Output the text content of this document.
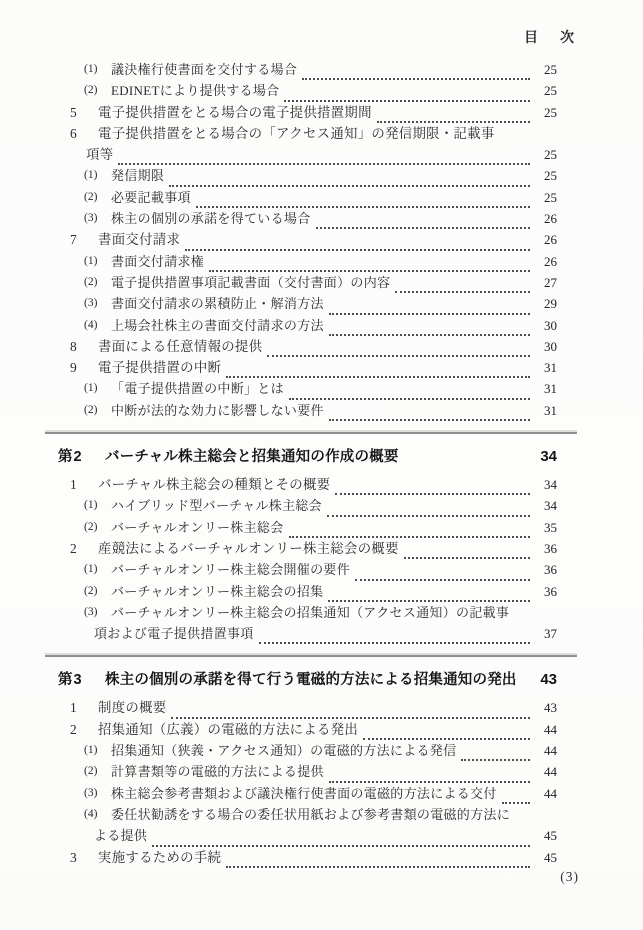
目　次
(1)	議決権行使書面を交付する場合	25
(2)	EDINETにより提供する場合	25
5	電子提供措置をとる場合の電子提供措置期間	25
6	電子提供措置をとる場合の「アクセス通知」の発信期限・記載事
項等	25
(1)	発信期限	25
(2)	必要記載事項	25
(3)	株主の個別の承諾を得ている場合	26
7	書面交付請求	26
(1)	書面交付請求権	26
(2)	電子提供措置事項記載書面（交付書面）の内容	27
(3)	書面交付請求の累積防止・解消方法	29
(4)	上場会社株主の書面交付請求の方法	30
8	書面による任意情報の提供	30
9	電子提供措置の中断	31
(1)	「電子提供措置の中断」とは	31
(2)	中断が法的な効力に影響しない要件	31
第2	バーチャル株主総会と招集通知の作成の概要	34
1	バーチャル株主総会の種類とその概要	34
(1)	ハイブリッド型バーチャル株主総会	34
(2)	バーチャルオンリー株主総会	35
2	産競法によるバーチャルオンリー株主総会の概要	36
(1)	バーチャルオンリー株主総会開催の要件	36
(2)	バーチャルオンリー株主総会の招集	36
(3)	バーチャルオンリー株主総会の招集通知（アクセス通知）の記載事
項および電子提供措置事項	37
第3	株主の個別の承諾を得て行う電磁的方法による招集通知の発出	43
1	制度の概要	43
2	招集通知（広義）の電磁的方法による発出	44
(1)	招集通知（狭義・アクセス通知）の電磁的方法による発信	44
(2)	計算書類等の電磁的方法による提供	44
(3)	株主総会参考書類および議決権行使書面の電磁的方法による交付	44
(4)	委任状勧誘をする場合の委任状用紙および参考書類の電磁的方法に
よる提供	45
3	実施するための手続	45
(3)
